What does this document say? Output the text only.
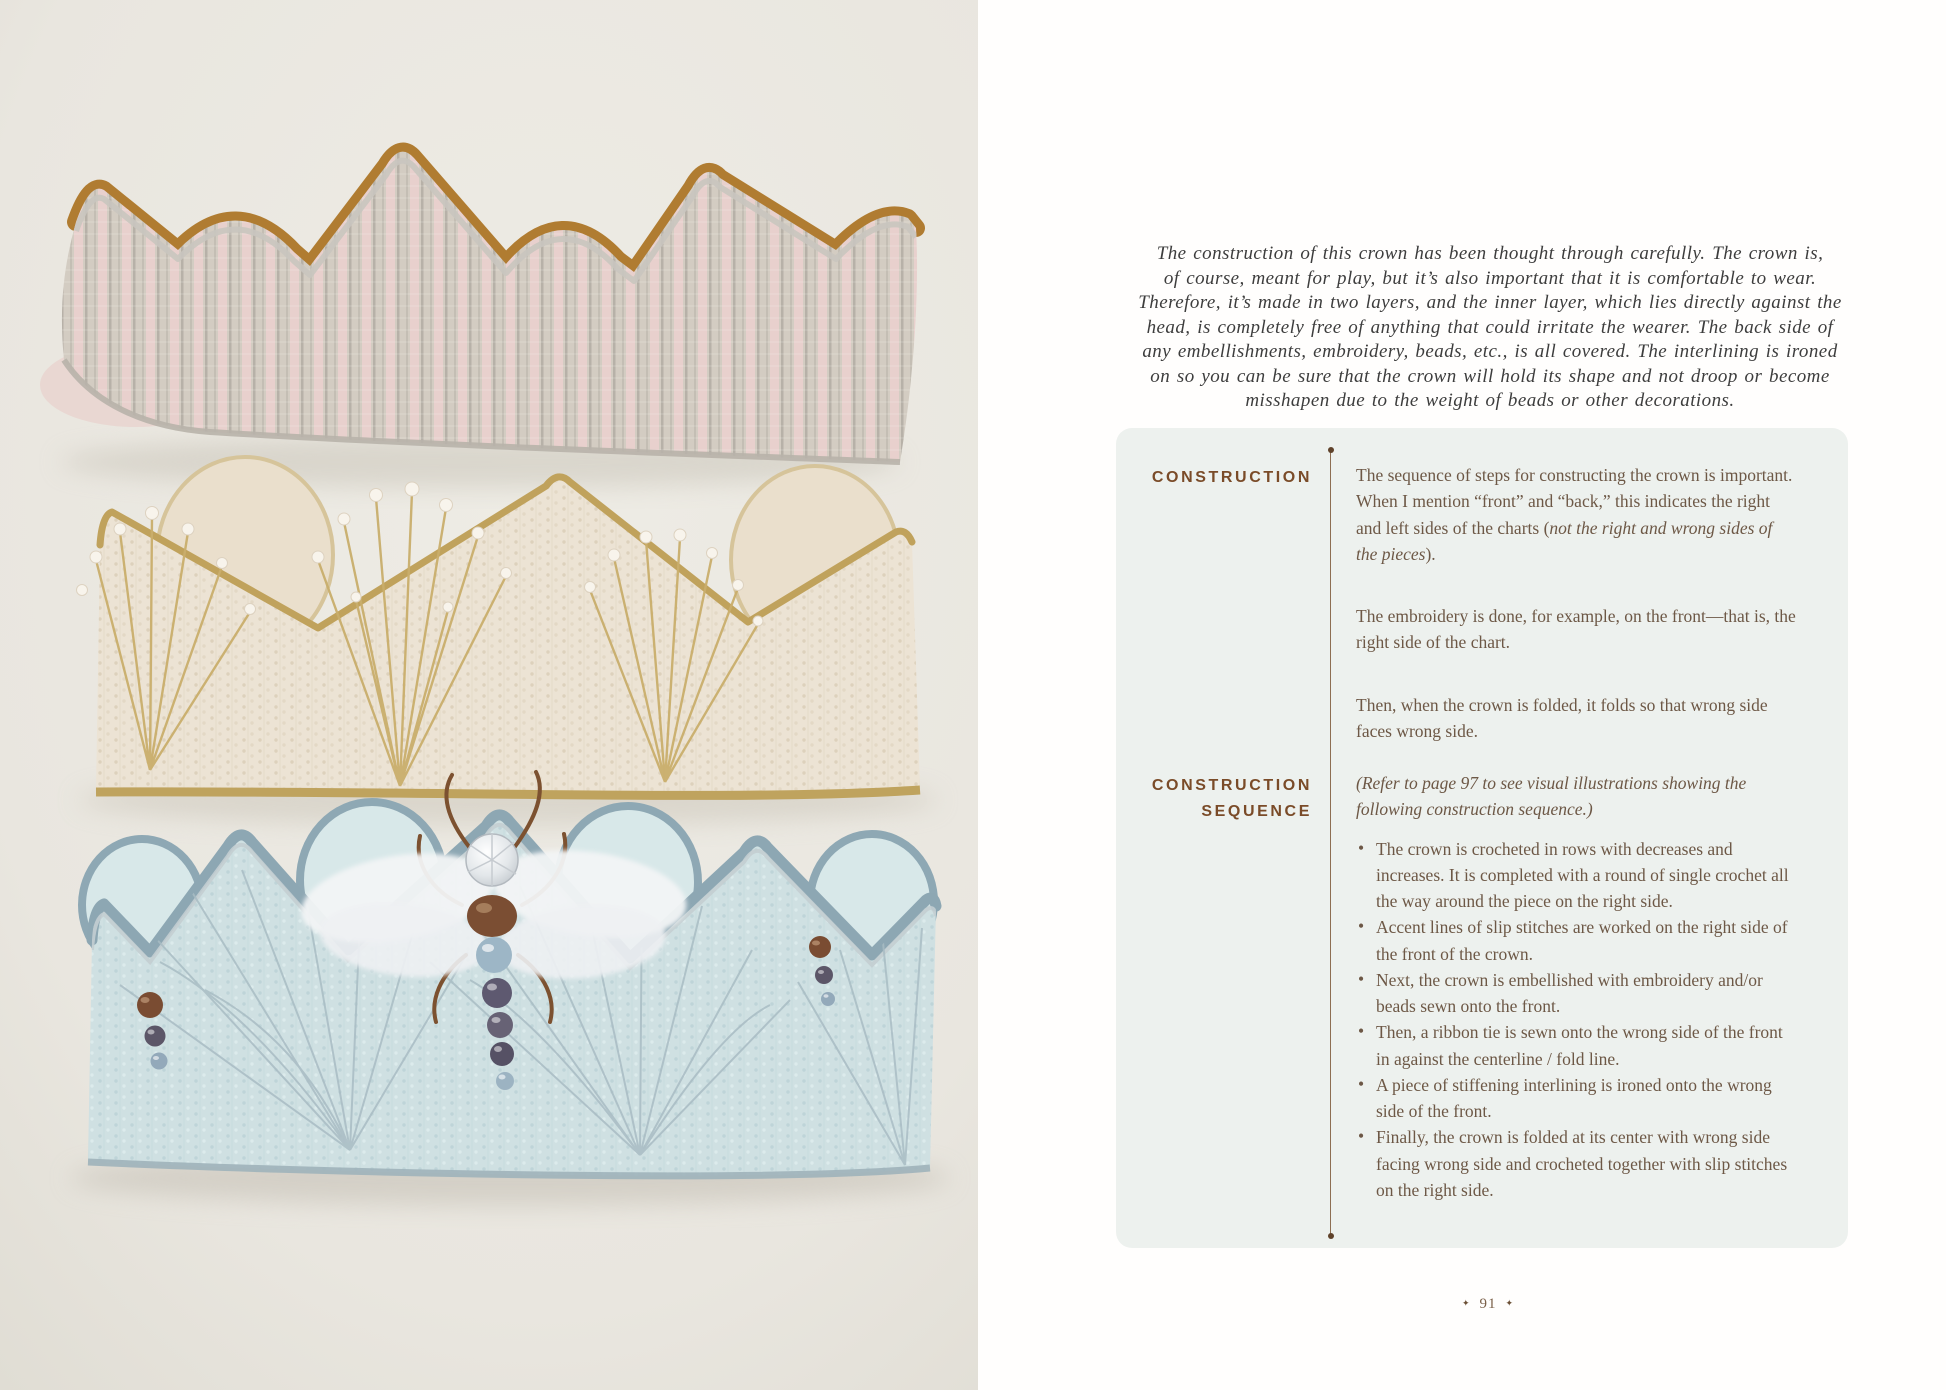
The construction of this crown has been thought through carefully. The crown is,
of course, meant for play, but it’s also important that it is comfortable to wear.
Therefore, it’s made in two layers, and the inner layer, which lies directly against the
head, is completely free of anything that could irritate the wearer. The back side of
any embellishments, embroidery, beads, etc., is all covered. The interlining is ironed
on so you can be sure that the crown will hold its shape and not droop or become
misshapen due to the weight of beads or other decorations.
CONSTRUCTION	The sequence of steps for constructing the crown is important. When I mention “front” and “back,” this indicates the right and left sides of the charts (not the right and wrong sides of the pieces).

The embroidery is done, for example, on the front—that is, the right side of the chart.

Then, when the crown is folded, it folds so that wrong side faces wrong side.

CONSTRUCTION SEQUENCE

(Refer to page 97 to see visual illustrations showing the following construction sequence.)

• The crown is crocheted in rows with decreases and increases. It is completed with a round of single crochet all the way around the piece on the right side.
• Accent lines of slip stitches are worked on the right side of the front of the crown.
• Next, the crown is embellished with embroidery and/or beads sewn onto the front.
• Then, a ribbon tie is sewn onto the wrong side of the front in against the centerline / fold line.
• A piece of stiffening interlining is ironed onto the wrong side of the front.
• Finally, the crown is folded at its center with wrong side facing wrong side and crocheted together with slip stitches on the right side.
✦ 91 ✦
